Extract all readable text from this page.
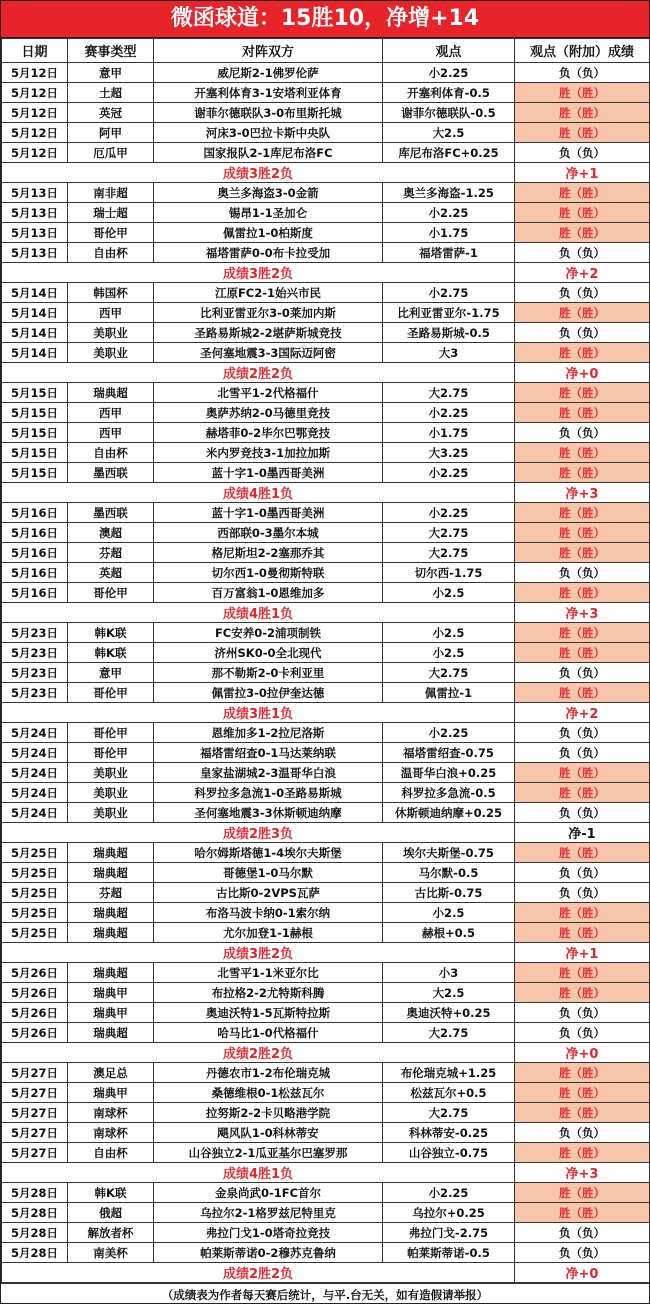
微函球道：15胜10，净增+14
日期	赛事类型	对阵双方	观点	观点（附加）成绩
5月12日	意甲	威尼斯2-1佛罗伦萨	小2.25	负（负）
5月12日	土超	开塞利体育3-1安塔利亚体育	开塞利体育-0.5	胜（胜）
5月12日	英冠	谢菲尔德联队3-0布里斯托城	谢菲尔德联队-0.5	胜（胜）
5月12日	阿甲	河床3-0巴拉卡斯中央队	大2.5	胜（胜）
5月12日	厄瓜甲	国家报队2-1库尼布洛FC	库尼布洛FC+0.25	负（负）
成绩3胜2负				净+1
5月13日	南非超	奥兰多海盗3-0金箭	奥兰多海盗-1.25	胜（胜）
5月13日	瑞士超	锡昂1-1圣加仑	小2.25	胜（胜）
5月13日	哥伦甲	佩雷拉1-0柏斯度	小1.75	胜（胜）
5月13日	自由杯	福塔雷萨0-0布卡拉受加	福塔雷萨-1	负（负）
成绩3胜2负				净+2
5月14日	韩国杯	江原FC2-1始兴市民	小2.75	负（负）
5月14日	西甲	比利亚雷亚尔3-0莱加内斯	比利亚雷亚尔-1.75	胜（胜）
5月14日	美职业	圣路易斯城2-2堪萨斯城竞技	圣路易斯城-0.5	负（负）
5月14日	美职业	圣何塞地震3-3国际迈阿密	大3	胜（胜）
成绩2胜2负				净+0
5月15日	瑞典超	北雪平1-2代格福什	大2.75	胜（胜）
5月15日	西甲	奥萨苏纳2-0马德里竞技	小2.25	胜（胜）
5月15日	西甲	赫塔菲0-2毕尔巴鄂竞技	小1.75	负（负）
5月15日	自由杯	米内罗竞技3-1加拉加斯	大3.25	胜（胜）
5月15日	墨西联	蓝十字1-0墨西哥美洲	小2.25	胜（胜）
成绩4胜1负				净+3
5月16日	墨西联	蓝十字1-0墨西哥美洲	小2.25	胜（胜）
5月16日	澳超	西部联0-3墨尔本城	大2.75	胜（胜）
5月16日	芬超	格尼斯坦2-2塞那乔其	大2.75	胜（胜）
5月16日	英超	切尔西1-0曼彻斯特联	切尔西-1.75	负（负）
5月16日	哥伦甲	百万富翁1-0恩维加多	小2.5	胜（胜）
成绩4胜1负				净+3
5月23日	韩K联	FC安养0-2浦项制铁	小2.5	胜（胜）
5月23日	韩K联	济州SK0-0全北现代	小2.5	胜（胜）
5月23日	意甲	那不勒斯2-0卡利亚里	大2.75	负（负）
5月23日	哥伦甲	佩雷拉3-0拉伊奎达德	佩雷拉-1	胜（胜）
成绩3胜1负				净+2
5月24日	哥伦甲	恩维加多1-2拉尼洛斯	小2.25	负（负）
5月24日	哥伦甲	福塔雷绍查0-1马达莱纳联	福塔雷绍查-0.75	负（负）
5月24日	美职业	皇家盐湖城2-3温哥华白浪	温哥华白浪+0.25	胜（胜）
5月24日	美职业	科罗拉多急流1-0圣路易斯城	科罗拉多急流-0.5	胜（胜）
5月24日	美职业	圣何塞地震3-3休斯顿迪纳摩	休斯顿迪纳摩+0.25	负（负）
成绩2胜3负				净-1
5月25日	瑞典超	哈尔姆斯塔德1-4埃尔夫斯堡	埃尔夫斯堡-0.75	胜（胜）
5月25日	瑞典超	哥德堡1-0马尔默	马尔默-0.5	负（负）
5月25日	芬超	古比斯0-2VPS瓦萨	古比斯-0.75	负（负）
5月25日	瑞典超	布洛马波卡纳0-1索尔纳	小2.5	胜（胜）
5月25日	瑞典超	尤尔加登1-1赫根	赫根+0.5	胜（胜）
成绩3胜2负				净+1
5月26日	瑞典超	北雪平1-1米亚尔比	小3	胜（胜）
5月26日	瑞典甲	布拉格2-2尤特斯科腾	大2.5	胜（胜）
5月26日	瑞典甲	奥迪沃特1-5瓦斯特拉斯	奥迪沃特+0.25	负（负）
5月26日	瑞典超	哈马比1-0代格福什	大2.75	负（负）
成绩2胜2负				净+0
5月27日	澳足总	丹德农市1-2布伦瑞克城	布伦瑞克城+1.25	胜（胜）
5月27日	瑞典甲	桑德维根0-1松兹瓦尔	松兹瓦尔+0.5	胜（胜）
5月27日	南球杯	拉努斯2-2卡贝略港学院	大2.75	胜（胜）
5月27日	南球杯	飓风队1-0科林蒂安	科林蒂安-0.25	负（负）
5月27日	自由杯	山谷独立2-1瓜亚基尔巴塞罗那	山谷独立-0.75	胜（胜）
成绩4胜1负				净+3
5月28日	韩K联	金泉尚武0-1FC首尔	小2.25	胜（胜）
5月28日	俄超	乌拉尔2-1格罗兹尼特里克	乌拉尔+0.25	胜（胜）
5月28日	解放者杯	弗拉门戈1-0塔奇拉竞技	弗拉门戈-2.75	负（负）
5月28日	南美杯	帕莱斯蒂诺0-2穆苏克鲁纳	帕莱斯蒂诺-0.5	负（负）
成绩2胜2负				净+0
（成绩表为作者每天赛后统计，与平.台无关，如有造假请举报）
